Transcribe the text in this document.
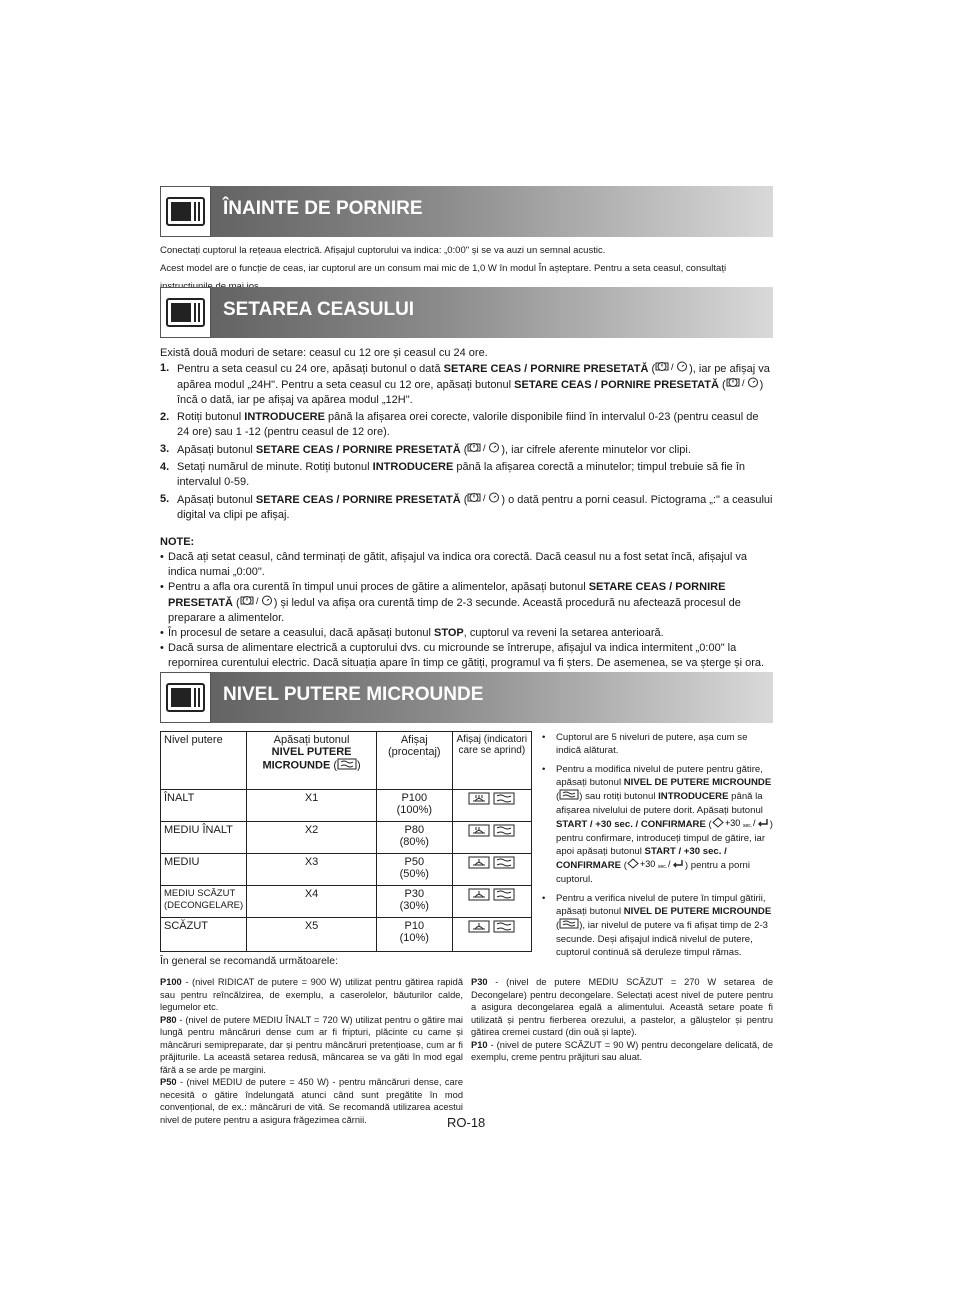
ÎNAINTE DE PORNIRE
Conectați cuptorul la rețeaua electrică. Afișajul cuptorului va indica: „0:00" și se va auzi un semnal acustic.
Acest model are o funcție de ceas, iar cuptorul are un consum mai mic de 1,0 W în modul În așteptare. Pentru a seta ceasul, consultați
SETAREA CEASULUI
Există două moduri de setare: ceasul cu 12 ore și ceasul cu 24 ore.
1. Pentru a seta ceasul cu 24 ore, apăsați butonul o dată SETARE CEAS / PORNIRE PRESETATĂ ( / ), iar pe afișaj va apărea modul „24H". Pentru a seta ceasul cu 12 ore, apăsați butonul SETARE CEAS / PORNIRE PRESETATĂ ( / ) încă o dată, iar pe afișaj va apărea modul „12H".
2. Rotiți butonul INTRODUCERE până la afișarea orei corecte, valorile disponibile fiind în intervalul 0-23 (pentru ceasul de 24 ore) sau 1 -12 (pentru ceasul de 12 ore).
3. Apăsați butonul SETARE CEAS / PORNIRE PRESETATĂ ( / ), iar cifrele aferente minutelor vor clipi.
4. Setați numărul de minute. Rotiți butonul INTRODUCERE până la afișarea corectă a minutelor; timpul trebuie să fie în intervalul 0-59.
5. Apăsați butonul SETARE CEAS / PORNIRE PRESETATĂ ( / ) o dată pentru a porni ceasul. Pictograma „:" a ceasului digital va clipi pe afișaj.
NOTE:
• Dacă ați setat ceasul, când terminați de gătit, afișajul va indica ora corectă. Dacă ceasul nu a fost setat încă, afișajul va indica numai „0:00".
• Pentru a afla ora curentă în timpul unui proces de gătire a alimentelor, apăsați butonul SETARE CEAS / PORNIRE PRESETATĂ ( / ) și ledul va afișa ora curentă timp de 2-3 secunde. Această procedură nu afectează procesul de preparare a alimentelor.
• În procesul de setare a ceasului, dacă apăsați butonul STOP, cuptorul va reveni la setarea anterioară.
• Dacă sursa de alimentare electrică a cuptorului dvs. cu microunde se întrerupe, afișajul va indica intermitent „0:00" la repornirea curentului electric. Dacă situația apare în timp ce gătiți, programul va fi șters. De asemenea, se va șterge și ora.
NIVEL PUTERE MICROUNDE
Nivel putere	Apăsați butonul
NIVEL PUTERE
MICROUNDE ( )	Afișaj (procentaj)	Afișaj (indicatori care se aprind)
ÎNALT	X1	P100
(100%)	
MEDIU ÎNALT	X2	P80
(80%)	
MEDIU	X3	P50
(50%)	
MEDIU SCĂZUT
(DECONGELARE)	X4	P30
(30%)	
SCĂZUT	X5	P10
(10%)	
• Cuptorul are 5 niveluri de putere, așa cum se indică alăturat.
• Pentru a modifica nivelul de putere pentru gătire, apăsați butonul NIVEL DE PUTERE MICROUNDE ( ) sau rotiți butonul INTRODUCERE până la afișarea nivelului de putere dorit. Apăsați butonul START / +30 sec. / CONFIRMARE ( +30 sec. / ) pentru confirmare, introduceți timpul de gătire, iar apoi apăsați butonul START / +30 sec. / CONFIRMARE ( +30 sec. / ) pentru a porni cuptorul.
• Pentru a verifica nivelul de putere în timpul gătirii, apăsați butonul NIVEL DE PUTERE MICROUNDE ( ), iar nivelul de putere va fi afișat timp de 2-3 secunde. Deși afișajul indică nivelul de putere, cuptorul continuă să deruleze timpul rămas.
În general se recomandă următoarele:

P100 - (nivel RIDICAT de putere = 900 W) utilizat pentru gătirea rapidă sau pentru reîncălzirea, de exemplu, a caserolelor, băuturilor calde, legumelor etc.

P80 - (nivel de putere MEDIU ÎNALT = 720 W) utilizat pentru o gătire mai lungă pentru mâncăruri dense cum ar fi fripturi, plăcinte cu carne și mâncăruri semipreparate, dar și pentru mâncăruri pretențioase, cum ar fi prăjiturile. La această setarea redusă, mâncarea se va găti în mod egal fără a se arde pe margini.

P50 - (nivel MEDIU de putere = 450 W) - pentru mâncăruri dense, care necesită o gătire îndelungată atunci când sunt pregătite în mod convențional, de ex.: mâncăruri de vită. Se recomandă utilizarea acestui nivel de putere pentru a asigura frăgezimea cărnii.

P30 - (nivel de putere MEDIU SCĂZUT = 270 W setarea de Decongelare) pentru decongelare. Selectați acest nivel de putere pentru a asigura decongelarea egală a alimentului. Această setare poate fi utilizată și pentru fierberea orezului, a pastelor, a găluștelor și pentru gătirea cremei custard (din ouă și lapte).

P10 - (nivel de putere SCĂZUT = 90 W) pentru decongelare delicată, de exemplu, creme pentru prăjituri sau aluat.

RO-18
